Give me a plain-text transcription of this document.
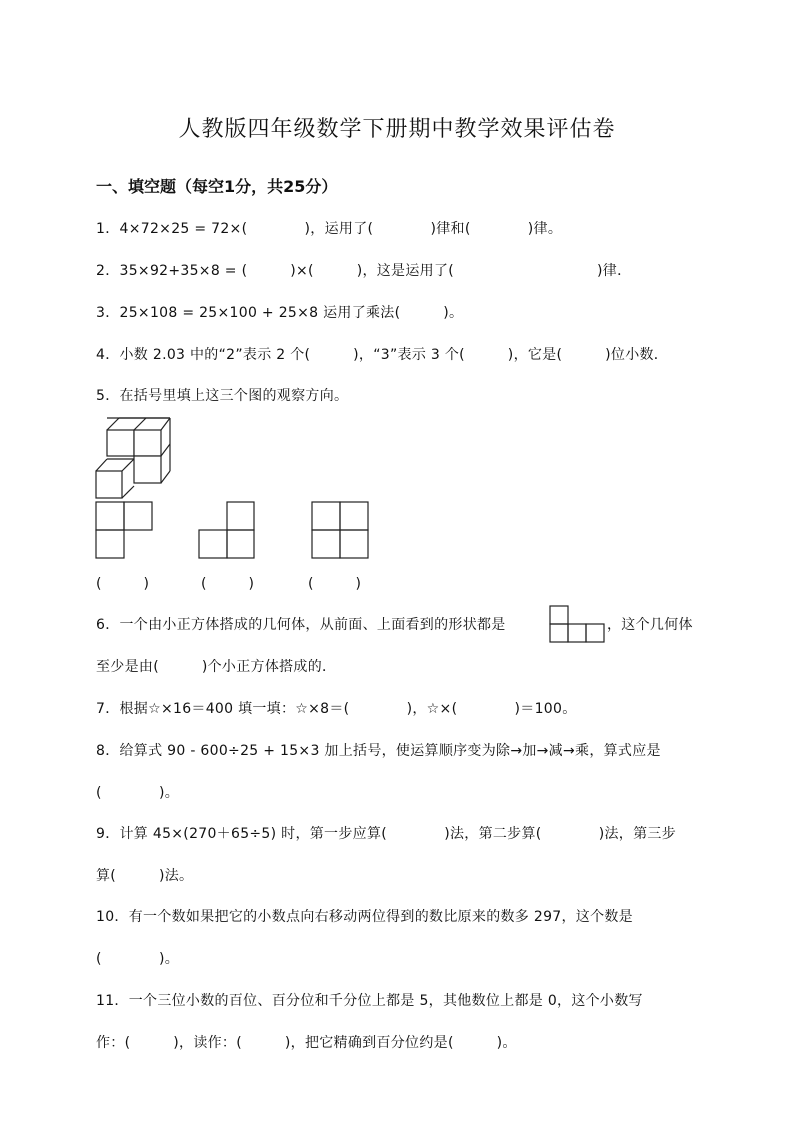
人教版四年级数学下册期中教学效果评估卷
一、填空题（每空1分，共25分）
1．4×72×25 = 72×(　　　　)，运用了(　　　　)律和(　　　　)律。
2．35×92+35×8 = (　　　)×(　　　)，这是运用了(　　　　　　　　　　)律．
3．25×108 = 25×100 + 25×8 运用了乘法(　　　)。
4．小数 2.03 中的“2”表示 2 个(　　　)，“3”表示 3 个(　　　)，它是(　　　)位小数．
5．在括号里填上这三个图的观察方向。
(　　　)	(　　　)	(　　　)
6．一个由小正方体搭成的几何体，从前面、上面看到的形状都是	，这个几何体
至少是由(　　　)个小正方体搭成的．
7．根据☆×16＝400 填一填：☆×8＝(　　　　)，☆×(　　　　)＝100。
8．给算式 90 - 600÷25 + 15×3 加上括号，使运算顺序变为除→加→减→乘，算式应是
(　　　　)。
9．计算 45×(270＋65÷5) 时，第一步应算(　　　　)法，第二步算(　　　　)法，第三步
算(　　　)法。
10．有一个数如果把它的小数点向右移动两位得到的数比原来的数多 297，这个数是
(　　　　)。
11．一个三位小数的百位、百分位和千分位上都是 5，其他数位上都是 0，这个小数写
作：(　　　)，读作：(　　　)，把它精确到百分位约是(　　　)。
